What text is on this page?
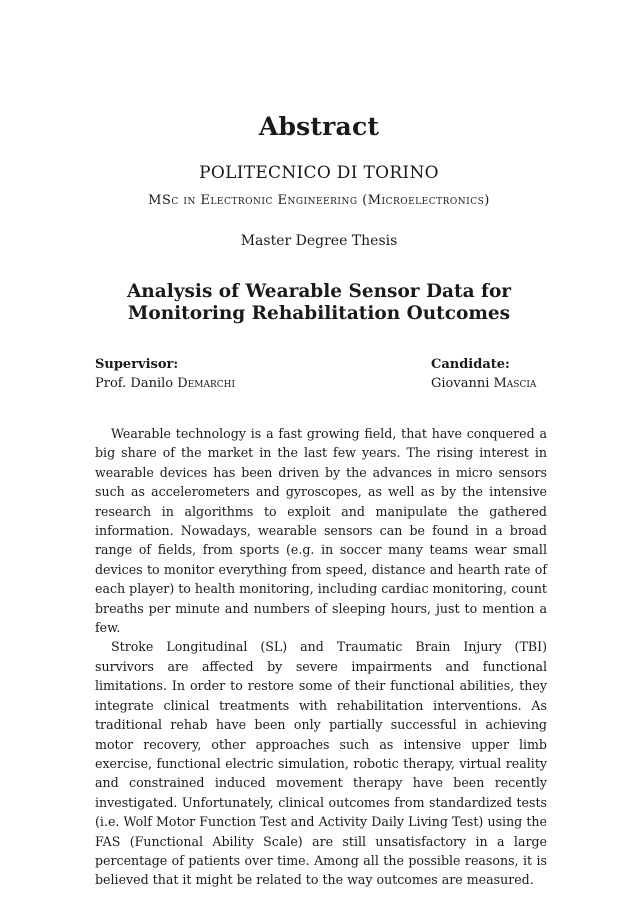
Abstract
POLITECNICO DI TORINO
MSc in Electronic Engineering (Microelectronics)
Master Degree Thesis
Analysis of Wearable Sensor Data for Monitoring Rehabilitation Outcomes
Supervisor:
Prof. Danilo Demarchi
Candidate:
Giovanni Mascia

Wearable technology is a fast growing field, that have conquered a big share of the market in the last few years. The rising interest in wearable devices has been driven by the advances in micro sensors such as accelerometers and gyroscopes, as well as by the intensive research in algorithms to exploit and manipulate the gathered information. Nowadays, wearable sensors can be found in a broad range of fields, from sports (e.g. in soccer many teams wear small devices to monitor everything from speed, distance and hearth rate of each player) to health monitoring, including cardiac monitoring, count breaths per minute and numbers of sleeping hours, just to mention a few.

Stroke Longitudinal (SL) and Traumatic Brain Injury (TBI) survivors are affected by severe impairments and functional limitations. In order to restore some of their functional abilities, they integrate clinical treatments with rehabilitation interventions. As traditional rehab have been only partially successful in achieving motor recovery, other approaches such as intensive upper limb exercise, functional electric simulation, robotic therapy, virtual reality and constrained induced movement therapy have been recently investigated. Unfortunately, clinical outcomes from standardized tests (i.e. Wolf Motor Function Test and Activity Daily Living Test) using the FAS (Functional Ability Scale) are still unsatisfactory in a large percentage of patients over time. Among all the possible reasons, it is believed that it might be related to the way outcomes are measured.
